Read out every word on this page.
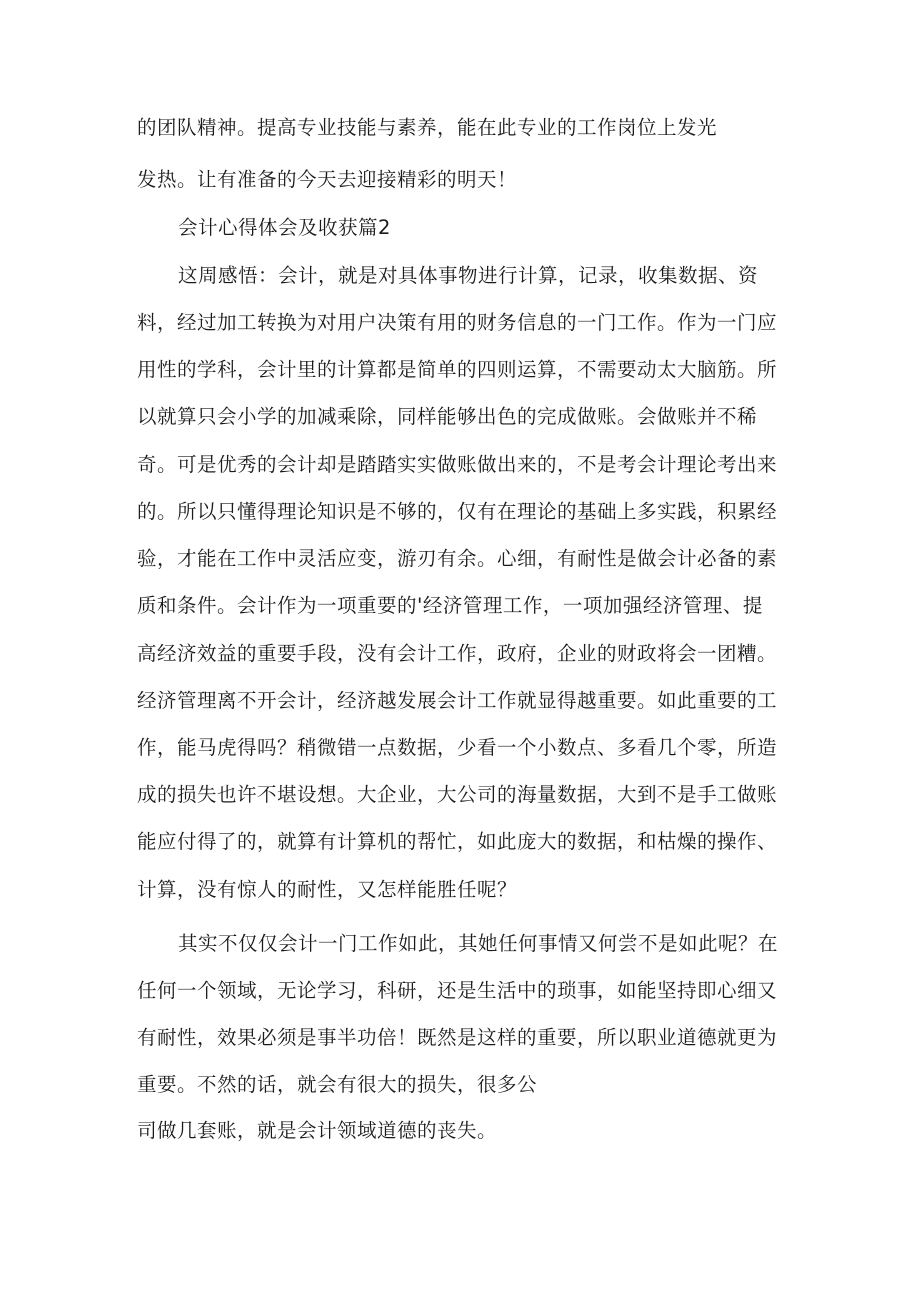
的团队精神。提高专业技能与素养，能在此专业的工作岗位上发光
发热。让有准备的今天去迎接精彩的明天！
会计心得体会及收获篇2
这周感悟：会计，就是对具体事物进行计算，记录，收集数据、资
料，经过加工转换为对用户决策有用的财务信息的一门工作。作为一门应
用性的学科，会计里的计算都是简单的四则运算，不需要动太大脑筋。所
以就算只会小学的加减乘除，同样能够出色的完成做账。会做账并不稀
奇。可是优秀的会计却是踏踏实实做账做出来的，不是考会计理论考出来
的。所以只懂得理论知识是不够的，仅有在理论的基础上多实践，积累经
验，才能在工作中灵活应变，游刃有余。心细，有耐性是做会计必备的素
质和条件。会计作为一项重要的'经济管理工作，一项加强经济管理、提
高经济效益的重要手段，没有会计工作，政府，企业的财政将会一团糟。
经济管理离不开会计，经济越发展会计工作就显得越重要。如此重要的工
作，能马虎得吗？稍微错一点数据，少看一个小数点、多看几个零，所造
成的损失也许不堪设想。大企业，大公司的海量数据，大到不是手工做账
能应付得了的，就算有计算机的帮忙，如此庞大的数据，和枯燥的操作、
计算，没有惊人的耐性，又怎样能胜任呢？
其实不仅仅会计一门工作如此，其她任何事情又何尝不是如此呢？在
任何一个领域，无论学习，科研，还是生活中的琐事，如能坚持即心细又
有耐性，效果必须是事半功倍！既然是这样的重要，所以职业道德就更为
重要。不然的话，就会有很大的损失，很多公
司做几套账，就是会计领域道德的丧失。
